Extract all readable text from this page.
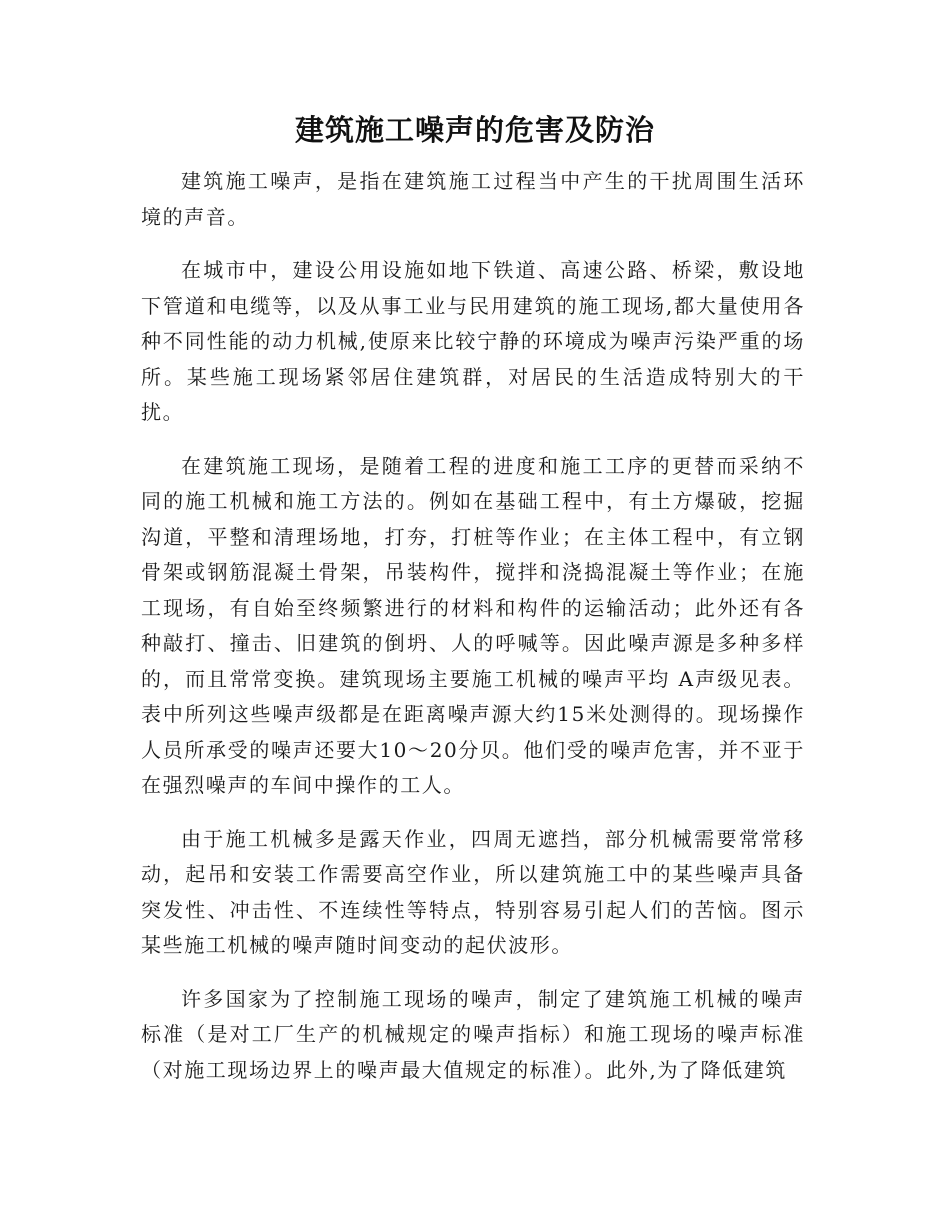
建筑施工噪声的危害及防治

建筑施工噪声，是指在建筑施工过程当中产生的干扰周围生活环境的声音。

在城市中，建设公用设施如地下铁道、高速公路、桥梁，敷设地下管道和电缆等，以及从事工业与民用建筑的施工现场,都大量使用各种不同性能的动力机械,使原来比较宁静的环境成为噪声污染严重的场所。某些施工现场紧邻居住建筑群，对居民的生活造成特别大的干扰。

在建筑施工现场，是随着工程的进度和施工工序的更替而采纳不同的施工机械和施工方法的。例如在基础工程中，有土方爆破，挖掘沟道，平整和清理场地，打夯，打桩等作业；在主体工程中，有立钢骨架或钢筋混凝土骨架，吊装构件，搅拌和浇捣混凝土等作业；在施工现场，有自始至终频繁进行的材料和构件的运输活动；此外还有各种敲打、撞击、旧建筑的倒坍、人的呼喊等。因此噪声源是多种多样的，而且常常变换。建筑现场主要施工机械的噪声平均 A声级见表。表中所列这些噪声级都是在距离噪声源大约15米处测得的。现场操作人员所承受的噪声还要大10～20分贝。他们受的噪声危害，并不亚于在强烈噪声的车间中操作的工人。

由于施工机械多是露天作业，四周无遮挡，部分机械需要常常移动，起吊和安装工作需要高空作业，所以建筑施工中的某些噪声具备突发性、冲击性、不连续性等特点，特别容易引起人们的苦恼。图示某些施工机械的噪声随时间变动的起伏波形。

许多国家为了控制施工现场的噪声，制定了建筑施工机械的噪声标准（是对工厂生产的机械规定的噪声指标）和施工现场的噪声标准（对施工现场边界上的噪声最大值规定的标准）。此外,为了降低建筑
